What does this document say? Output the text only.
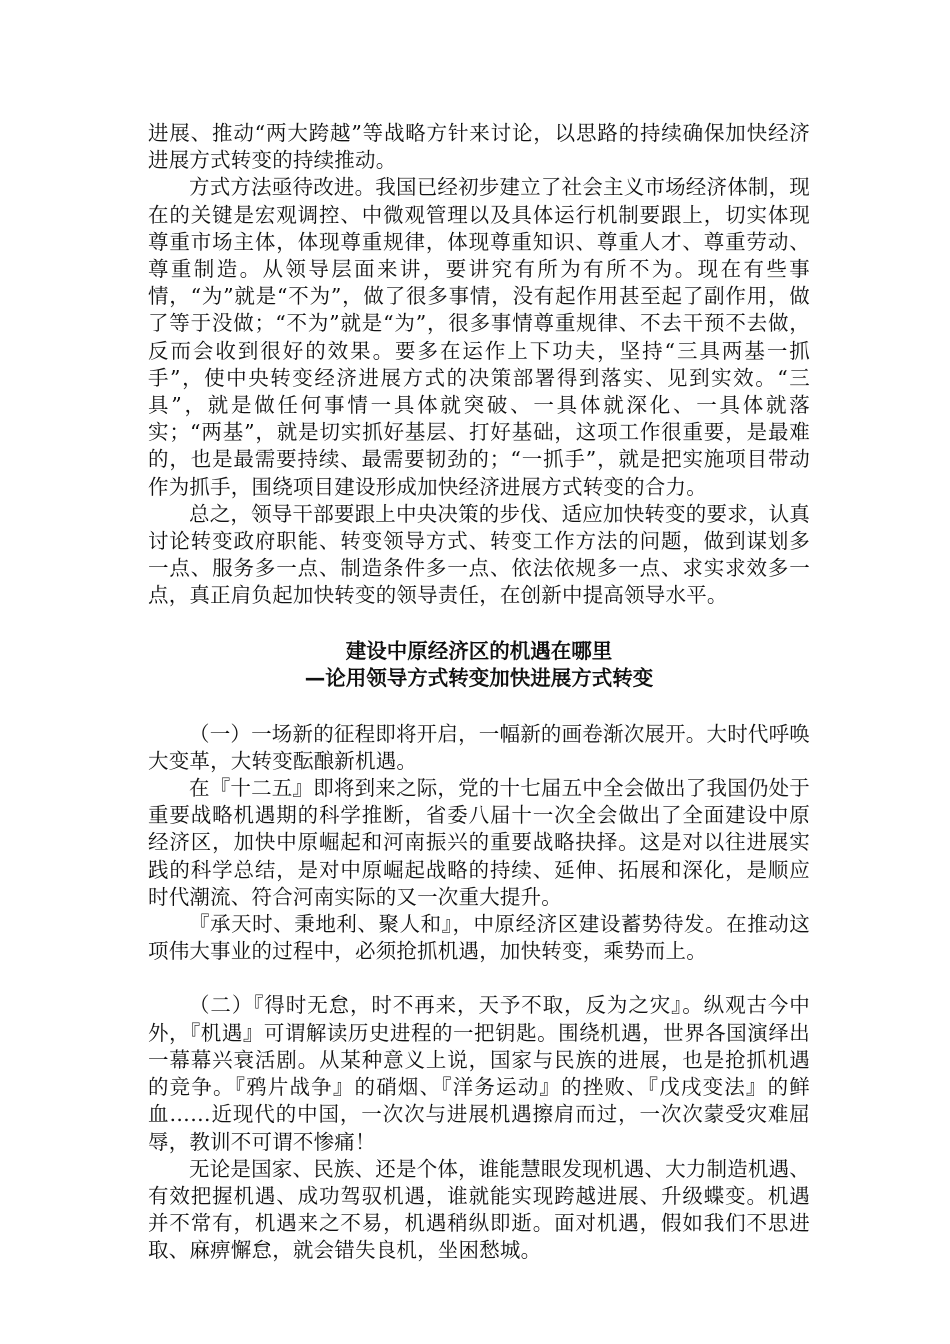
进展、推动“两大跨越”等战略方针来讨论，以思路的持续确保加快经济进展方式转变的持续推动。

方式方法亟待改进。我国已经初步建立了社会主义市场经济体制，现在的关键是宏观调控、中微观管理以及具体运行机制要跟上，切实体现尊重市场主体，体现尊重规律，体现尊重知识、尊重人才、尊重劳动、尊重制造。从领导层面来讲，要讲究有所为有所不为。现在有些事情，“为”就是“不为”，做了很多事情，没有起作用甚至起了副作用，做了等于没做；“不为”就是“为”，很多事情尊重规律、不去干预不去做，反而会收到很好的效果。要多在运作上下功夫，坚持“三具两基一抓手”，使中央转变经济进展方式的决策部署得到落实、见到实效。“三具”，就是做任何事情一具体就突破、一具体就深化、一具体就落实；“两基”，就是切实抓好基层、打好基础，这项工作很重要，是最难的，也是最需要持续、最需要韧劲的；“一抓手”，就是把实施项目带动作为抓手，围绕项目建设形成加快经济进展方式转变的合力。

总之，领导干部要跟上中央决策的步伐、适应加快转变的要求，认真讨论转变政府职能、转变领导方式、转变工作方法的问题，做到谋划多一点、服务多一点、制造条件多一点、依法依规多一点、求实求效多一点，真正肩负起加快转变的领导责任，在创新中提高领导水平。

建设中原经济区的机遇在哪里

—论用领导方式转变加快进展方式转变

（一）一场新的征程即将开启，一幅新的画卷渐次展开。大时代呼唤大变革，大转变酝酿新机遇。

在『十二五』即将到来之际，党的十七届五中全会做出了我国仍处于重要战略机遇期的科学推断，省委八届十一次全会做出了全面建设中原经济区，加快中原崛起和河南振兴的重要战略抉择。这是对以往进展实践的科学总结，是对中原崛起战略的持续、延伸、拓展和深化，是顺应时代潮流、符合河南实际的又一次重大提升。

『承天时、秉地利、聚人和』，中原经济区建设蓄势待发。在推动这项伟大事业的过程中，必须抢抓机遇，加快转变，乘势而上。

（二）『得时无怠，时不再来，天予不取，反为之灾』。纵观古今中外，『机遇』可谓解读历史进程的一把钥匙。围绕机遇，世界各国演绎出一幕幕兴衰活剧。从某种意义上说，国家与民族的进展，也是抢抓机遇的竞争。『鸦片战争』的硝烟、『洋务运动』的挫败、『戊戌变法』的鲜血……近现代的中国，一次次与进展机遇擦肩而过，一次次蒙受灾难屈辱，教训不可谓不惨痛！

无论是国家、民族、还是个体，谁能慧眼发现机遇、大力制造机遇、有效把握机遇、成功驾驭机遇，谁就能实现跨越进展、升级蝶变。机遇并不常有，机遇来之不易，机遇稍纵即逝。面对机遇，假如我们不思进取、麻痹懈怠，就会错失良机，坐困愁城。
